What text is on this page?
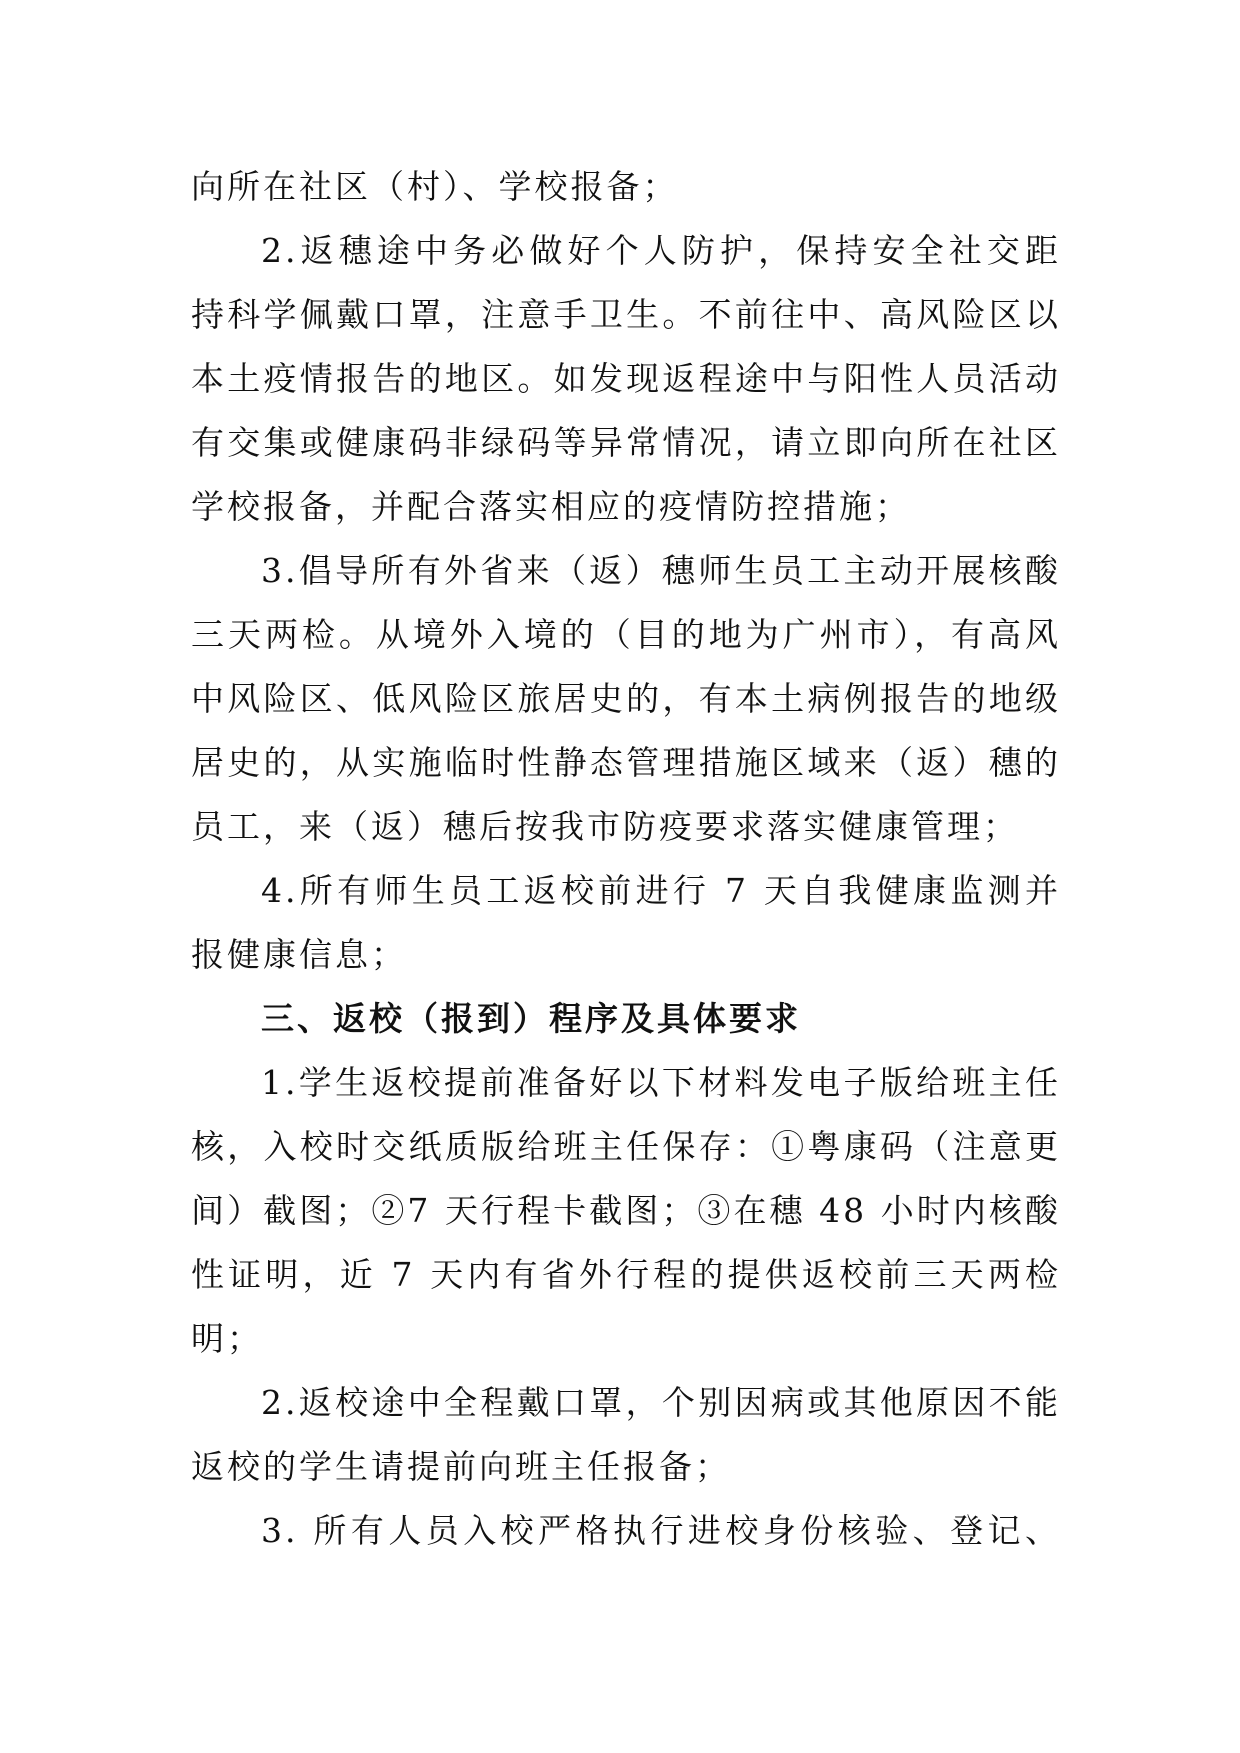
向所在社区（村）、学校报备；
2.返穗途中务必做好个人防护，保持安全社交距
持科学佩戴口罩，注意手卫生。不前往中、高风险区以
本土疫情报告的地区。如发现返程途中与阳性人员活动
有交集或健康码非绿码等异常情况，请立即向所在社区
学校报备，并配合落实相应的疫情防控措施；
3.倡导所有外省来（返）穗师生员工主动开展核酸
三天两检。从境外入境的（目的地为广州市），有高风
中风险区、低风险区旅居史的，有本土病例报告的地级
居史的，从实施临时性静态管理措施区域来（返）穗的
员工，来（返）穗后按我市防疫要求落实健康管理；
4.所有师生员工返校前进行 7 天自我健康监测并
报健康信息；
三、返校（报到）程序及具体要求
1.学生返校提前准备好以下材料发电子版给班主任
核，入校时交纸质版给班主任保存：①粤康码（注意更
间）截图；②7 天行程卡截图；③在穗 48 小时内核酸
性证明，近 7 天内有省外行程的提供返校前三天两检
明；
2.返校途中全程戴口罩，个别因病或其他原因不能
返校的学生请提前向班主任报备；
3. 所有人员入校严格执行进校身份核验、登记、
